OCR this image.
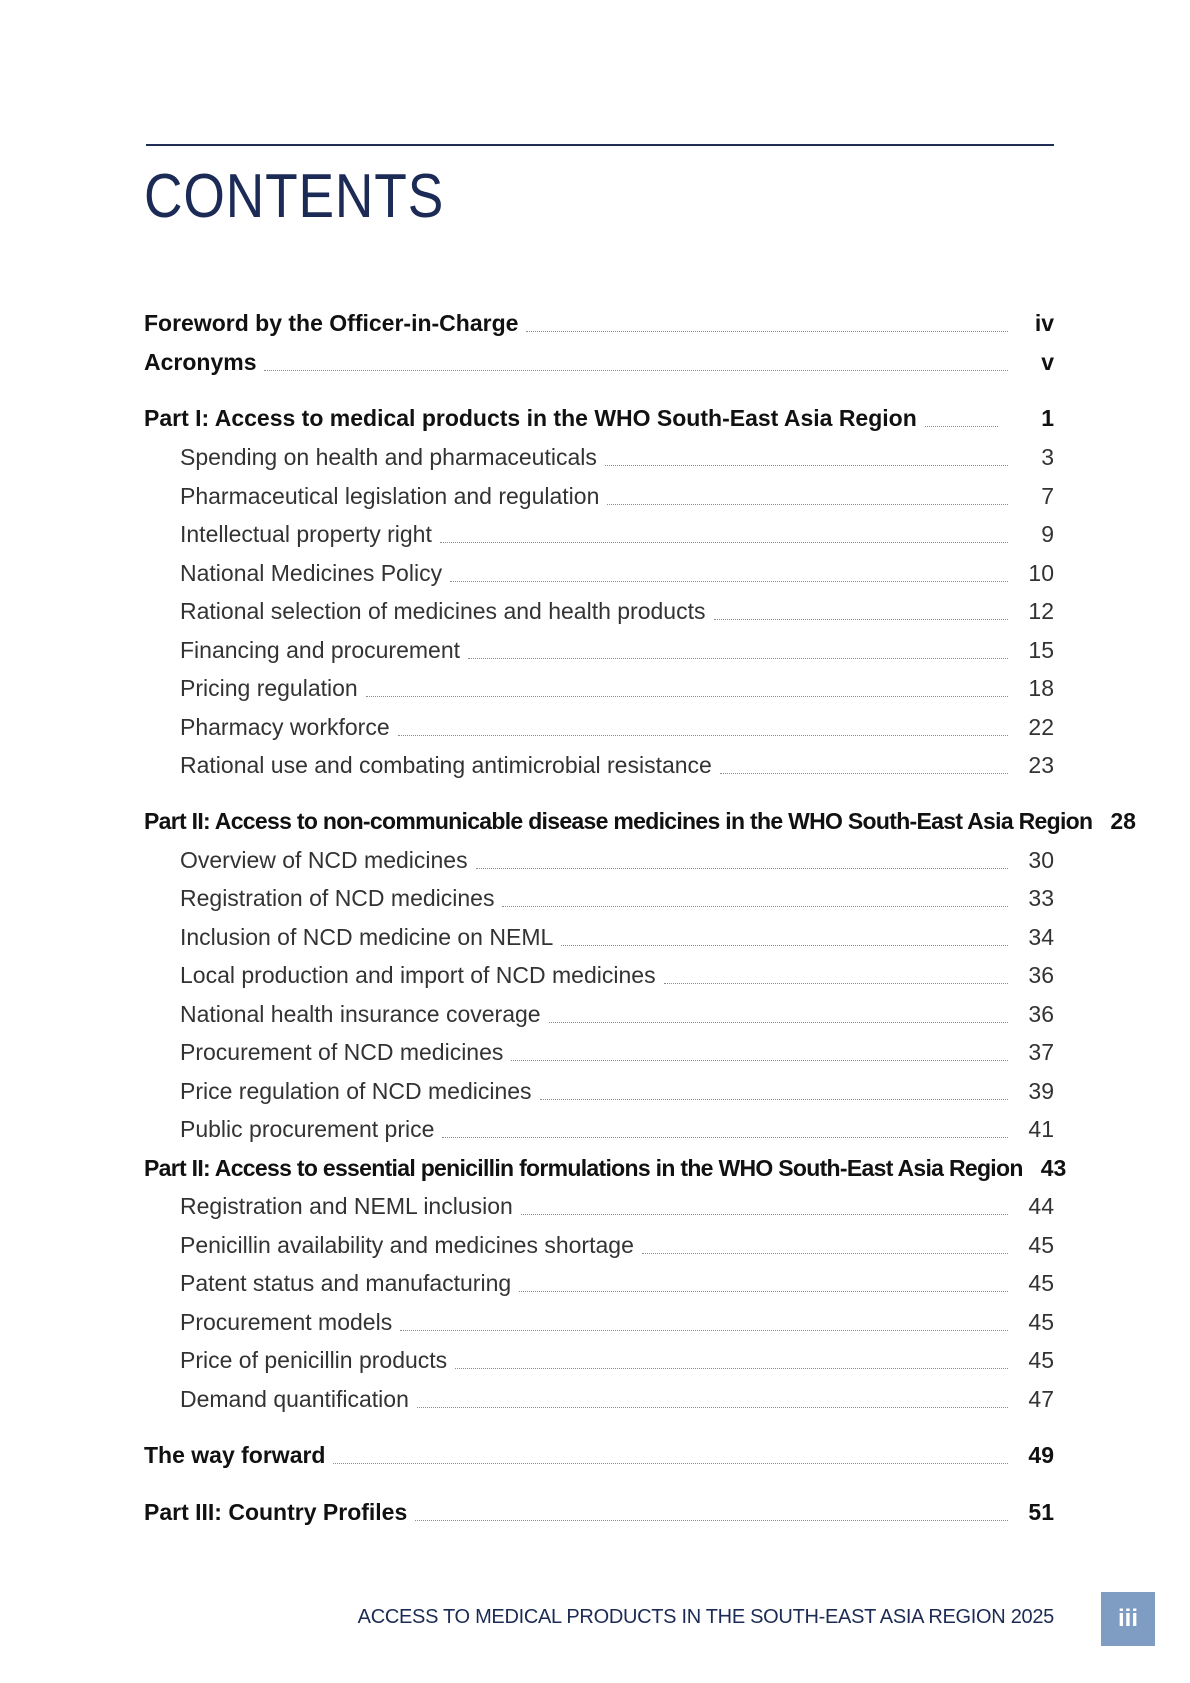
CONTENTS
Foreword by the Officer-in-Charge	iv
Acronyms	v
Part I: Access to medical products in the WHO South-East Asia Region	1
Spending on health and pharmaceuticals	3
Pharmaceutical legislation and regulation	7
Intellectual property right	9
National Medicines Policy	10
Rational selection of medicines and health products	12
Financing and procurement	15
Pricing regulation	18
Pharmacy workforce	22
Rational use and combating antimicrobial resistance	23
Part II: Access to non-communicable disease medicines in the WHO South-East Asia Region 28
Overview of NCD medicines	30
Registration of NCD medicines	33
Inclusion of NCD medicine on NEML	34
Local production and import of NCD medicines	36
National health insurance coverage	36
Procurement of NCD medicines	37
Price regulation of NCD medicines	39
Public procurement price	41
Part II: Access to essential penicillin formulations in the WHO South-East Asia Region 43
Registration and NEML inclusion	44
Penicillin availability and medicines shortage	45
Patent status and manufacturing	45
Procurement models	45
Price of penicillin products	45
Demand quantification	47
The way forward	49
Part III: Country Profiles	51
ACCESS TO MEDICAL PRODUCTS IN THE SOUTH-EAST ASIA REGION 2025	iii
